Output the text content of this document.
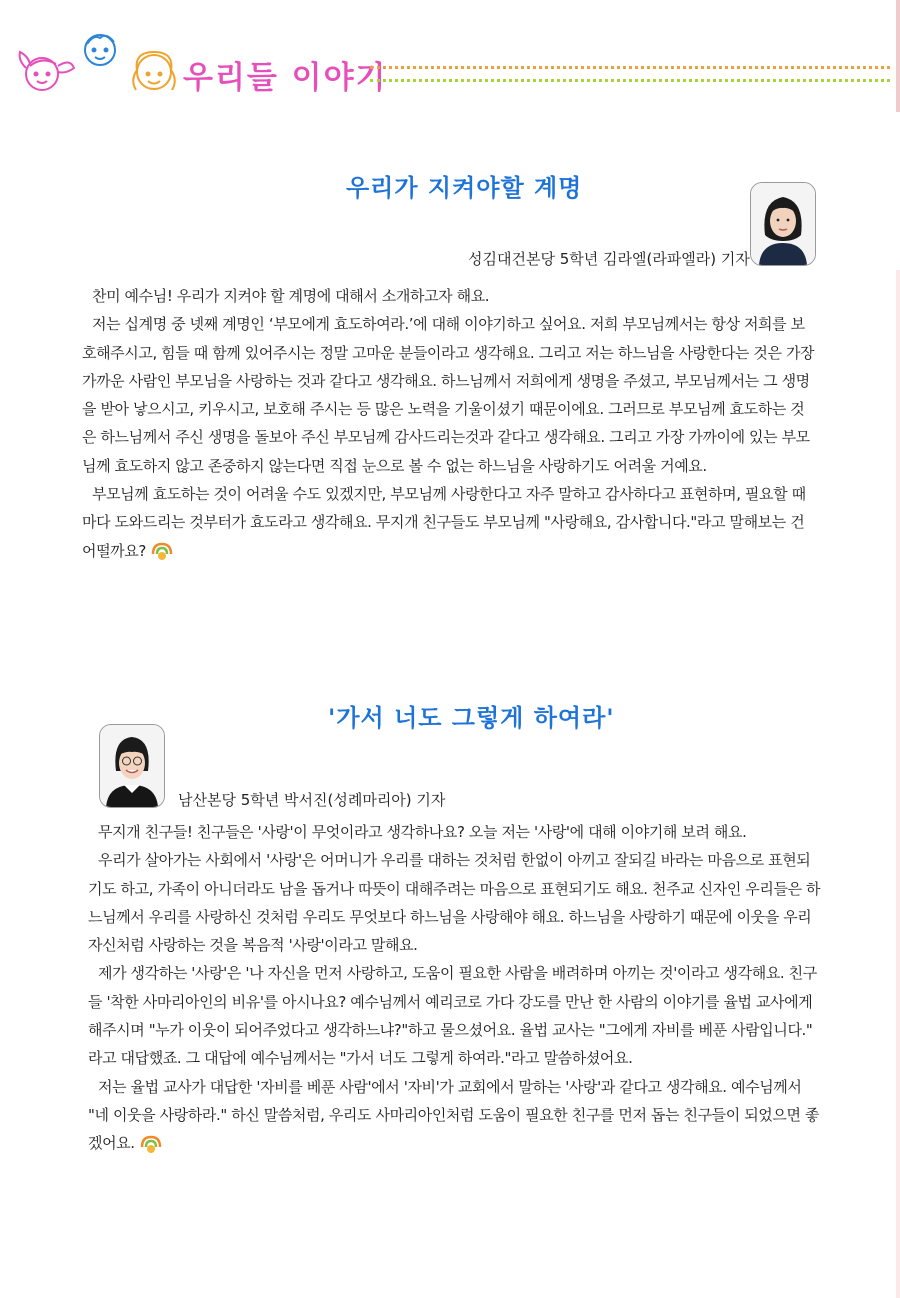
우리들 이야기
우리가 지켜야할 계명
성김대건본당 5학년 김라엘(라파엘라) 기자

찬미 예수님! 우리가 지켜야 할 계명에 대해서 소개하고자 해요.

저는 십계명 중 넷째 계명인 ‘부모에게 효도하여라.’에 대해 이야기하고 싶어요. 저희 부모님께서는 항상 저희를 보호해주시고, 힘들 때 함께 있어주시는 정말 고마운 분들이라고 생각해요. 그리고 저는 하느님을 사랑한다는 것은 가장 가까운 사람인 부모님을 사랑하는 것과 같다고 생각해요. 하느님께서 저희에게 생명을 주셨고, 부모님께서는 그 생명을 받아 낳으시고, 키우시고, 보호해 주시는 등 많은 노력을 기울이셨기 때문이에요. 그러므로 부모님께 효도하는 것은 하느님께서 주신 생명을 돌보아 주신 부모님께 감사드리는것과 같다고 생각해요. 그리고 가장 가까이에 있는 부모님께 효도하지 않고 존중하지 않는다면 직접 눈으로 볼 수 없는 하느님을 사랑하기도 어려울 거예요.

부모님께 효도하는 것이 어려울 수도 있겠지만, 부모님께 사랑한다고 자주 말하고 감사하다고 표현하며, 필요할 때마다 도와드리는 것부터가 효도라고 생각해요. 무지개 친구들도 부모님께 "사랑해요, 감사합니다."라고 말해보는 건 어떨까요?

'가서 너도 그렇게 하여라'
남산본당 5학년 박서진(성례마리아) 기자

무지개 친구들! 친구들은 '사랑'이 무엇이라고 생각하나요? 오늘 저는 '사랑'에 대해 이야기해 보려 해요.

우리가 살아가는 사회에서 '사랑'은 어머니가 우리를 대하는 것처럼 한없이 아끼고 잘되길 바라는 마음으로 표현되기도 하고, 가족이 아니더라도 남을 돕거나 따뜻이 대해주려는 마음으로 표현되기도 해요. 천주교 신자인 우리들은 하느님께서 우리를 사랑하신 것처럼 우리도 무엇보다 하느님을 사랑해야 해요. 하느님을 사랑하기 때문에 이웃을 우리 자신처럼 사랑하는 것을 복음적 '사랑'이라고 말해요.

제가 생각하는 '사랑'은 '나 자신을 먼저 사랑하고, 도움이 필요한 사람을 배려하며 아끼는 것'이라고 생각해요. 친구들 '착한 사마리아인의 비유'를 아시나요? 예수님께서 예리코로 가다 강도를 만난 한 사람의 이야기를 율법 교사에게 해주시며 "누가 이웃이 되어주었다고 생각하느냐?"하고 물으셨어요. 율법 교사는 "그에게 자비를 베푼 사람입니다." 라고 대답했죠. 그 대답에 예수님께서는 "가서 너도 그렇게 하여라."라고 말씀하셨어요.

저는 율법 교사가 대답한 '자비를 베푼 사람'에서 '자비'가 교회에서 말하는 '사랑'과 같다고 생각해요. 예수님께서 "네 이웃을 사랑하라." 하신 말씀처럼, 우리도 사마리아인처럼 도움이 필요한 친구를 먼저 돕는 친구들이 되었으면 좋겠어요.
